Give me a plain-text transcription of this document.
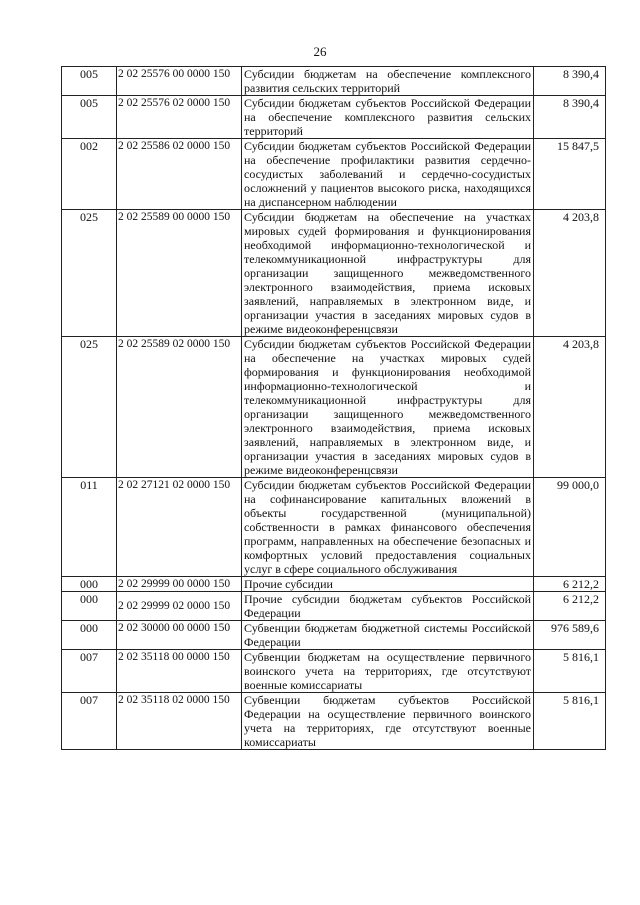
26
005	2 02 25576 00 0000 150	Субсидии бюджетам на обеспечение комплексного развития сельских территорий	8 390,4
005	2 02 25576 02 0000 150	Субсидии бюджетам субъектов Российской Федерации на обеспечение комплексного развития сельских территорий	8 390,4
002	2 02 25586 02 0000 150	Субсидии бюджетам субъектов Российской Федерации на обеспечение профилактики развития сердечно-сосудистых заболеваний и сердечно-сосудистых осложнений у пациентов высокого риска, находящихся на диспансерном наблюдении	15 847,5
025	2 02 25589 00 0000 150	Субсидии бюджетам на обеспечение на участках мировых судей формирования и функционирования необходимой информационно-технологической и телекоммуникационной инфраструктуры для организации защищенного межведомственного электронного взаимодействия, приема исковых заявлений, направляемых в электронном виде, и организации участия в заседаниях мировых судов в режиме видеоконференцсвязи	4 203,8
025	2 02 25589 02 0000 150	Субсидии бюджетам субъектов Российской Федерации на обеспечение на участках мировых судей формирования и функционирования необходимой информационно-технологической и телекоммуникационной инфраструктуры для организации защищенного межведомственного электронного взаимодействия, приема исковых заявлений, направляемых в электронном виде, и организации участия в заседаниях мировых судов в режиме видеоконференцсвязи	4 203,8
011	2 02 27121 02 0000 150	Субсидии бюджетам субъектов Российской Федерации на софинансирование капитальных вложений в объекты государственной (муниципальной) собственности в рамках финансового обеспечения программ, направленных на обеспечение безопасных и комфортных условий предоставления социальных услуг в сфере социального обслуживания	99 000,0
000	2 02 29999 00 0000 150	Прочие субсидии	6 212,2
000	2 02 29999 02 0000 150	Прочие субсидии бюджетам субъектов Российской Федерации	6 212,2
000	2 02 30000 00 0000 150	Субвенции бюджетам бюджетной системы Российской Федерации	976 589,6
007	2 02 35118 00 0000 150	Субвенции бюджетам на осуществление первичного воинского учета на территориях, где отсутствуют военные комиссариаты	5 816,1
007	2 02 35118 02 0000 150	Субвенции бюджетам субъектов Российской Федерации на осуществление первичного воинского учета на территориях, где отсутствуют военные комиссариаты	5 816,1
